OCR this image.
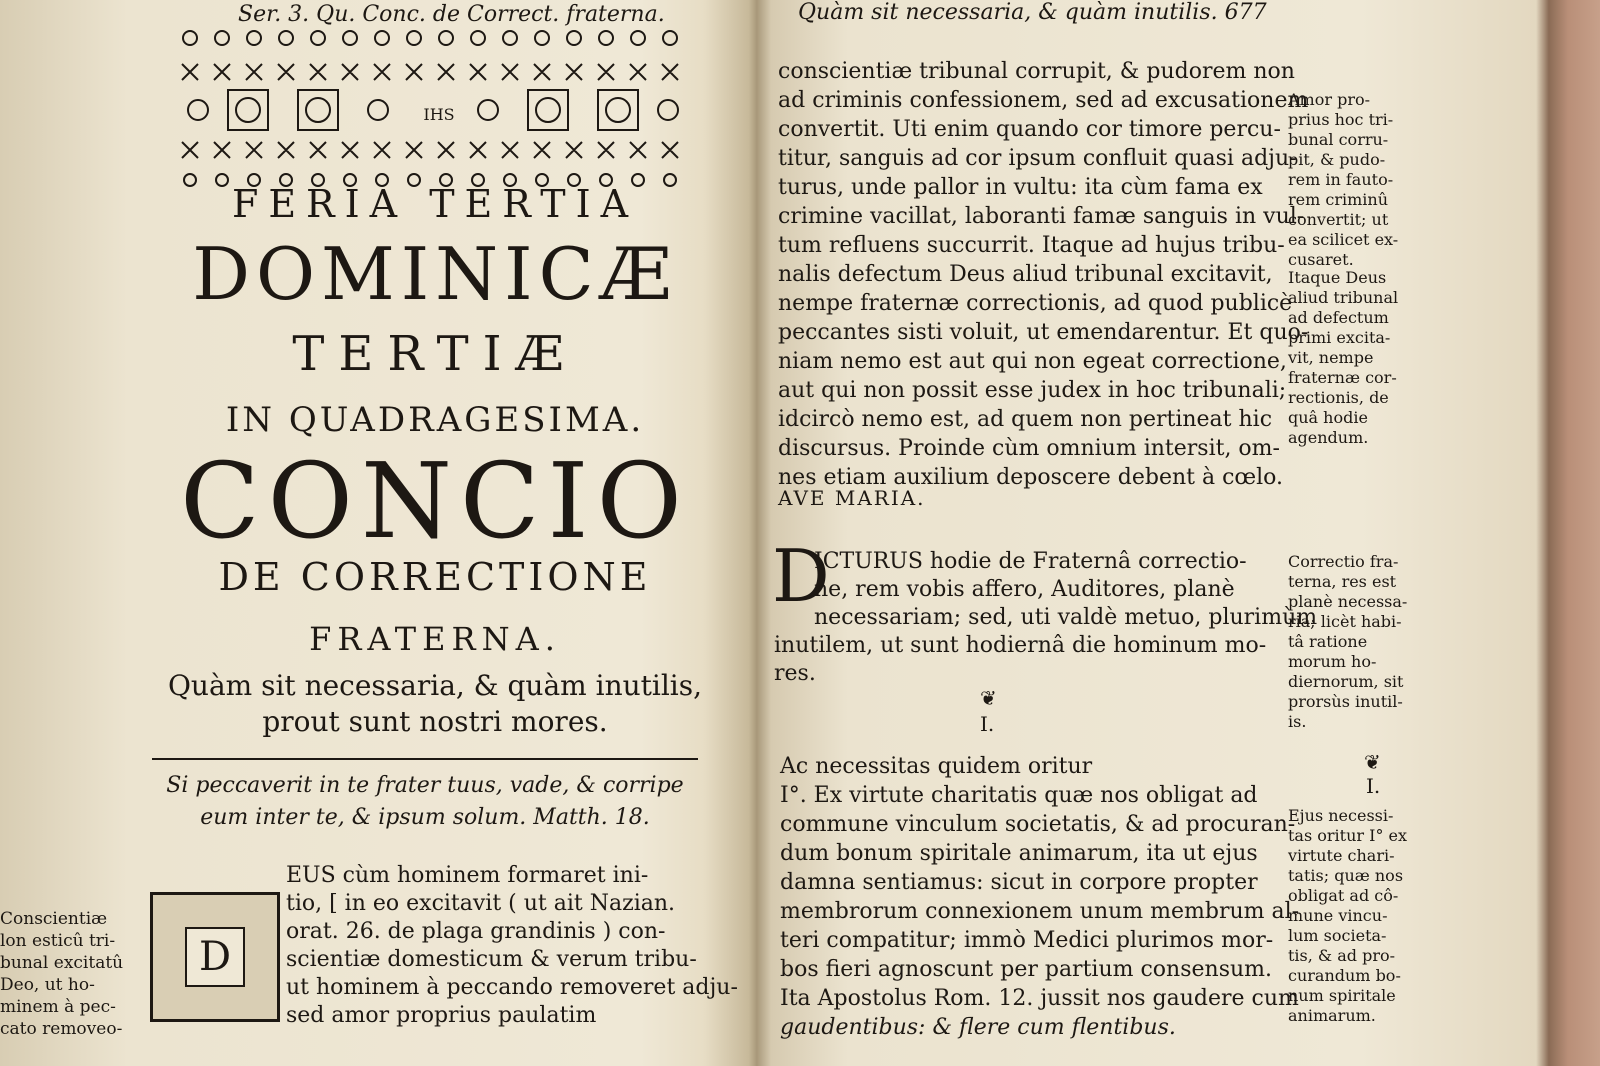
Ser. 3. Qu. Conc. de Correct. fraterna.
IHS
FERIA TERTIA
DOMINICÆ
TERTIÆ
IN QUADRAGESIMA.
CONCIO
DE CORRECTIONE
FRATERNA.
Quàm sit necessaria, & quàm inutilis,
prout sunt nostri mores.
Si peccaverit in te frater tuus, vade, & corripe
eum inter te, & ipsum solum. Matth. 18.
D
EUS cùm hominem formaret ini-
tio, [ in eo excitavit ( ut ait Nazian.
orat. 26. de plaga grandinis ) con-
scientiæ domesticum & verum tribu-
ut hominem à peccando removeret adju-
sed amor proprius paulatim
Conscientiæ
lon esticû tri-
bunal excitatû
Deo, ut ho-
minem à pec-
cato removeo-
Quàm sit necessaria, & quàm inutilis. 677
conscientiæ tribunal corrupit, & pudorem non
ad criminis confessionem, sed ad excusationem
convertit. Uti enim quando cor timore percu-
titur, sanguis ad cor ipsum confluit quasi adju-
turus, unde pallor in vultu: ita cùm fama ex
crimine vacillat, laboranti famæ sanguis in vul-
tum refluens succurrit. Itaque ad hujus tribu-
nalis defectum Deus aliud tribunal excitavit,
nempe fraternæ correctionis, ad quod publicè
peccantes sisti voluit, ut emendarentur. Et quo-
niam nemo est aut qui non egeat correctione,
aut qui non possit esse judex in hoc tribunali;
idcircò nemo est, ad quem non pertineat hic
discursus. Proinde cùm omnium intersit, om-
nes etiam auxilium deposcere debent à cœlo.
AVE MARIA.
D
ICTURUS hodie de Fraternâ correctio-
ne, rem vobis affero, Auditores, planè
necessariam; sed, uti valdè metuo, plurimùm
inutilem, ut sunt hodiernâ die hominum mo-
res.
❦
I.
Ac necessitas quidem oritur
I°. Ex virtute charitatis quæ nos obligat ad
commune vinculum societatis, & ad procuran-
dum bonum spiritale animarum, ita ut ejus
damna sentiamus: sicut in corpore propter
membrorum connexionem unum membrum al-
teri compatitur; immò Medici plurimos mor-
bos fieri agnoscunt per partium consensum.
Ita Apostolus Rom. 12. jussit nos gaudere cum
gaudentibus: & flere cum flentibus.
Amor pro-
prius hoc tri-
bunal corru-
pit, & pudo-
rem in fauto-
rem criminû
convertit; ut
ea scilicet ex-
cusaret.
Itaque Deus
aliud tribunal
ad defectum
primi excita-
vit, nempe
fraternæ cor-
rectionis, de
quâ hodie
agendum.
Correctio fra-
terna, res est
planè necessa-
ria; licèt habi-
tâ ratione
morum ho-
diernorum, sit
prorsùs inutil-
is.
❦
I.
Ejus necessi-
tas oritur I° ex
virtute chari-
tatis; quæ nos
obligat ad cô-
mune vincu-
lum societa-
tis, & ad pro-
curandum bo-
num spiritale
animarum.
